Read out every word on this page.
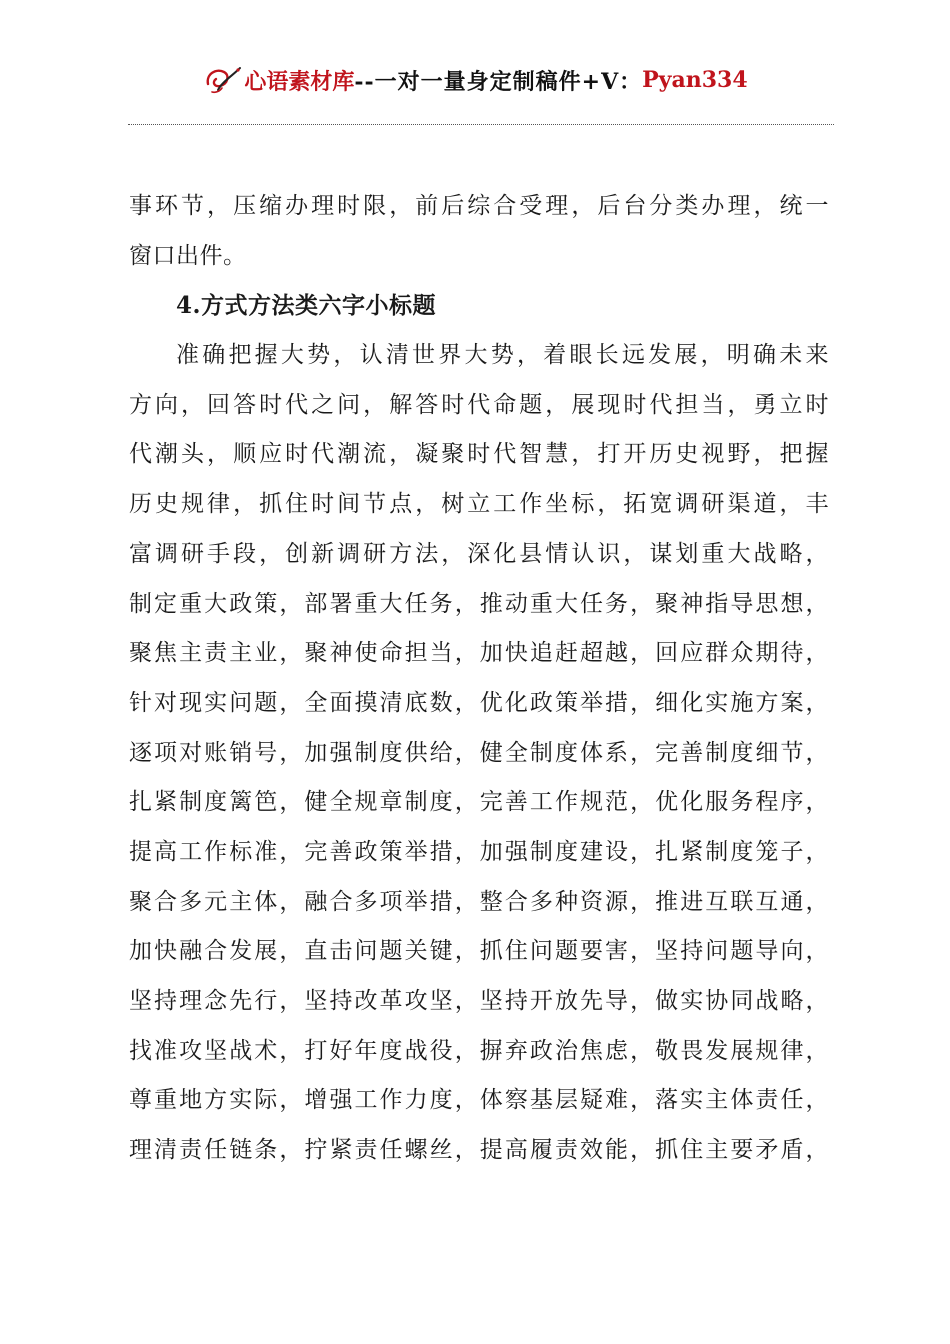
心语素材库 --一对一量身定制稿件+V： Pyan334
事环节，压缩办理时限，前后综合受理，后台分类办理，统一
窗口出件。
4.方式方法类六字小标题
准确把握大势，认清世界大势，着眼长远发展，明确未来
方向，回答时代之问，解答时代命题，展现时代担当，勇立时
代潮头，顺应时代潮流，凝聚时代智慧，打开历史视野，把握
历史规律，抓住时间节点，树立工作坐标，拓宽调研渠道，丰
富调研手段，创新调研方法，深化县情认识，谋划重大战略，
制定重大政策，部署重大任务，推动重大任务，聚神指导思想，
聚焦主责主业，聚神使命担当，加快追赶超越，回应群众期待，
针对现实问题，全面摸清底数，优化政策举措，细化实施方案，
逐项对账销号，加强制度供给，健全制度体系，完善制度细节，
扎紧制度篱笆，健全规章制度，完善工作规范，优化服务程序，
提高工作标准，完善政策举措，加强制度建设，扎紧制度笼子，
聚合多元主体，融合多项举措，整合多种资源，推进互联互通，
加快融合发展，直击问题关键，抓住问题要害，坚持问题导向，
坚持理念先行，坚持改革攻坚，坚持开放先导，做实协同战略，
找准攻坚战术，打好年度战役，摒弃政治焦虑，敬畏发展规律，
尊重地方实际，增强工作力度，体察基层疑难，落实主体责任，
理清责任链条，拧紧责任螺丝，提高履责效能，抓住主要矛盾，
